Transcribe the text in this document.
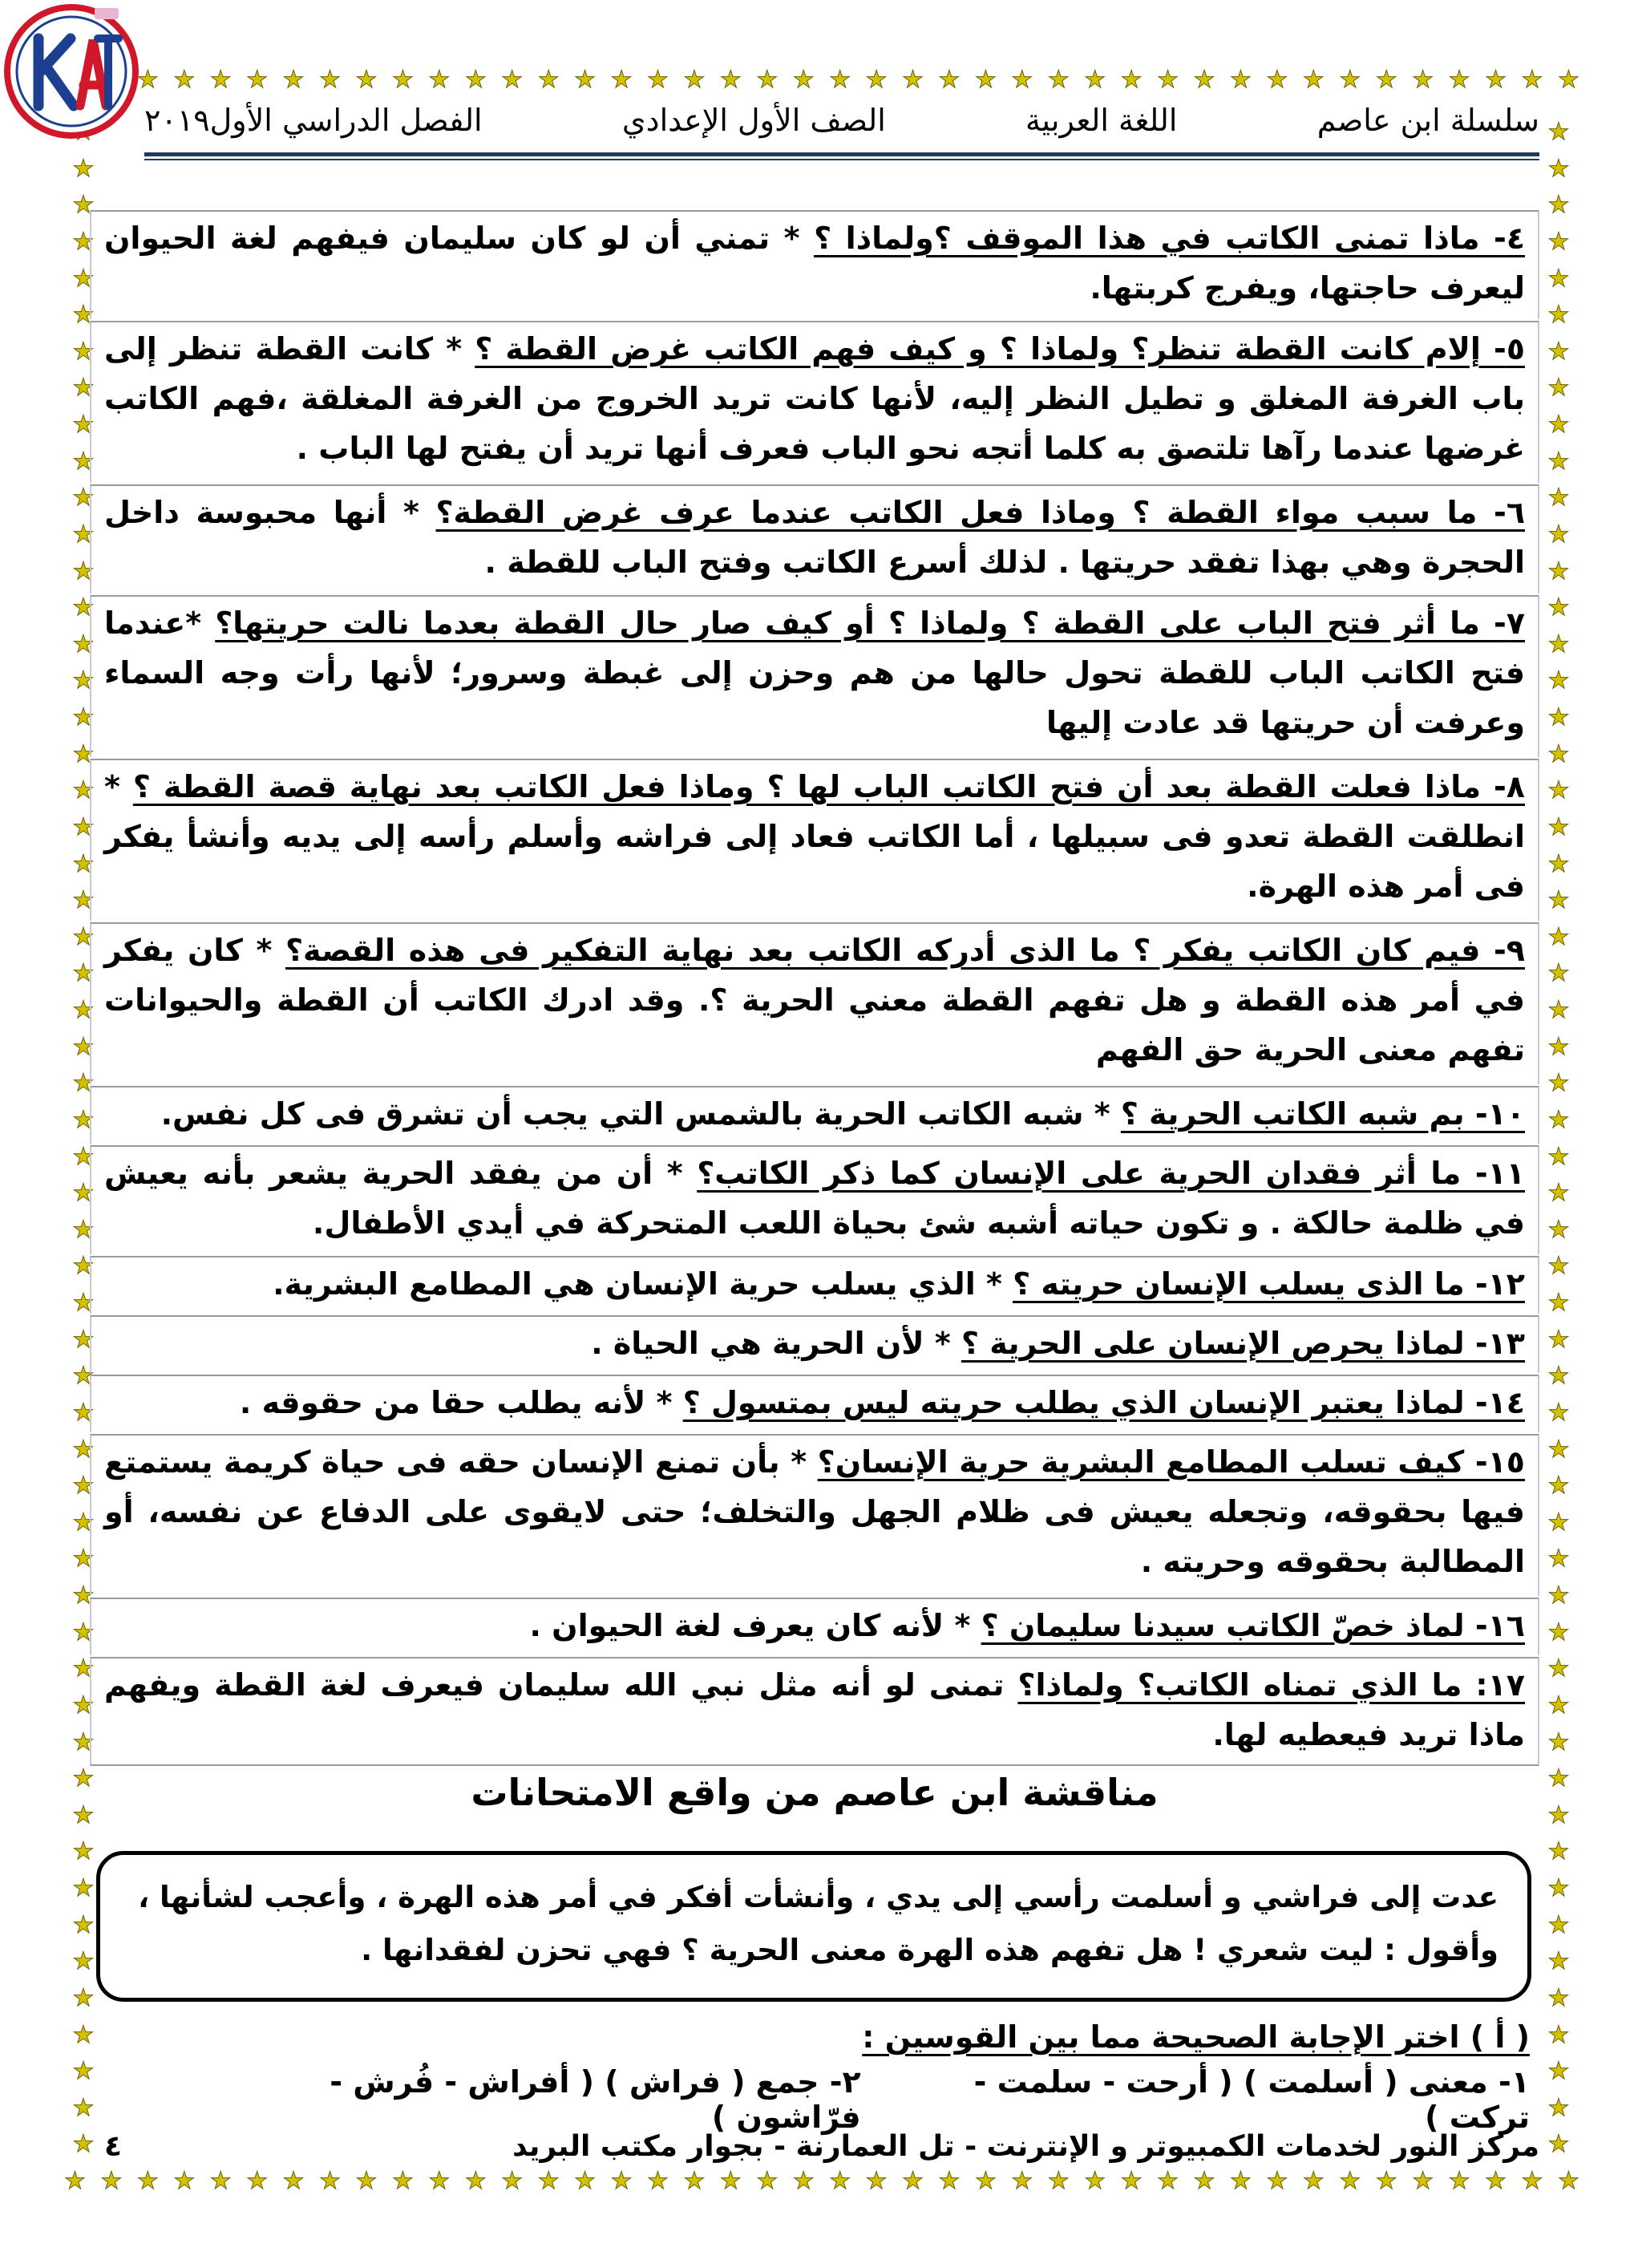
★ ★ ★ ★ ★ ★ ★ ★ ★ ★ ★ ★ ★ ★ ★ ★ ★ ★ ★ ★ ★ ★ ★ ★ ★ ★ ★ ★ ★ ★ ★ ★ ★ ★ ★ ★ ★ ★ ★ ★
★ ★ ★ ★ ★ ★ ★ ★ ★ ★ ★ ★ ★ ★ ★ ★ ★ ★ ★ ★ ★ ★ ★ ★ ★ ★ ★ ★ ★ ★ ★ ★ ★ ★ ★ ★ ★ ★ ★ ★ ★ ★
★
★
★
★
★
★
★
★
★
★
★
★
★
★
★
★
★
★
★
★
★
★
★
★
★
★
★
★
★
★
★
★
★
★
★
★
★
★
★
★
★
★
★
★
★
★
★
★
★
★
★
★
★
★
★
★
★
★
★
★
★
★
★
★
★
★
★
★
★
★
★
★
★
★
★
★
★
★
★
★
★
★
★
★
★
★
★
★
★
★
★
★
★
★
★
★
★
★
★
★
★
★
★
★
★
★
★
★
★
★
★
سلسلة ابن عاصم
اللغة العربية
الصف الأول الإعدادي
الفصل الدراسي الأول٢٠١٩
٤- ماذا تمنى الكاتب في هذا الموقف ؟ولماذا ؟ * تمني أن لو كان سليمان فيفهم لغة الحيوان ليعرف حاجتها، ويفرج كربتها.
٥- إلام كانت القطة تنظر؟ ولماذا ؟ و كيف فهم الكاتب غرض القطة ؟ * كانت القطة تنظر إلى باب الغرفة المغلق و تطيل النظر إليه، لأنها كانت تريد الخروج من الغرفة المغلقة ،فهم الكاتب غرضها عندما رآها تلتصق به كلما أتجه نحو الباب فعرف أنها تريد أن يفتح لها الباب .
٦- ما سبب مواء القطة ؟ وماذا فعل الكاتب عندما عرف غرض القطة؟ * أنها محبوسة داخل الحجرة وهي بهذا تفقد حريتها . لذلك أسرع الكاتب وفتح الباب للقطة .
٧- ما أثر فتح الباب على القطة ؟ ولماذا ؟ أو كيف صار حال القطة بعدما نالت حريتها؟ *عندما فتح الكاتب الباب للقطة تحول حالها من هم وحزن إلى غبطة وسرور؛ لأنها رأت وجه السماء وعرفت أن حريتها قد عادت إليها
٨- ماذا فعلت القطة بعد أن فتح الكاتب الباب لها ؟ وماذا فعل الكاتب بعد نهاية قصة القطة ؟ * انطلقت القطة تعدو فى سبيلها ، أما الكاتب فعاد إلى فراشه وأسلم رأسه إلى يديه وأنشأ يفكر فى أمر هذه الهرة.
٩- فيم كان الكاتب يفكر ؟ ما الذى أدركه الكاتب بعد نهاية التفكير فى هذه القصة؟ * كان يفكر في أمر هذه القطة و هل تفهم القطة معني الحرية ؟. وقد ادرك الكاتب أن القطة والحيوانات تفهم معنى الحرية حق الفهم
١٠- بم شبه الكاتب الحرية ؟ * شبه الكاتب الحرية بالشمس التي يجب أن تشرق فى كل نفس.
١١- ما أثر فقدان الحرية على الإنسان كما ذكر الكاتب؟ * أن من يفقد الحرية يشعر بأنه يعيش في ظلمة حالكة . و تكون حياته أشبه شئ بحياة اللعب المتحركة في أيدي الأطفال.
١٢- ما الذى يسلب الإنسان حريته ؟ * الذي يسلب حرية الإنسان هي المطامع البشرية.
١٣- لماذا يحرص الإنسان على الحرية ؟ * لأن الحرية هي الحياة .
١٤- لماذا يعتبر الإنسان الذي يطلب حريته ليس بمتسول ؟ * لأنه يطلب حقا من حقوقه .
١٥- كيف تسلب المطامع البشرية حرية الإنسان؟ * بأن تمنع الإنسان حقه فى حياة كريمة يستمتع فيها بحقوقه، وتجعله يعيش فى ظلام الجهل والتخلف؛ حتى لايقوى على الدفاع عن نفسه، أو المطالبة بحقوقه وحريته .
١٦- لماذ خصّ الكاتب سيدنا سليمان ؟ * لأنه كان يعرف لغة الحيوان .
١٧: ما الذي تمناه الكاتب؟ ولماذا؟ تمنى لو أنه مثل نبي الله سليمان فيعرف لغة القطة ويفهم ماذا تريد فيعطيه لها.
مناقشة ابن عاصم من واقع الامتحانات
عدت إلى فراشي و أسلمت رأسي إلى يدي ، وأنشأت أفكر في أمر هذه الهرة ، وأعجب لشأنها ، وأقول : ليت شعري ! هل تفهم هذه الهرة معنى الحرية ؟ فهي تحزن لفقدانها .
( أ ) اختر الإجابة الصحيحة مما بين القوسين :
١- معنى ( أسلمت ) ( أرحت - سلمت - تركت )
٢- جمع ( فراش ) ( أفراش - فُرش - فرّاشون )
مركز النور لخدمات الكمبيوتر و الإنترنت - تل العمارنة - بجوار مكتب البريد
٤
